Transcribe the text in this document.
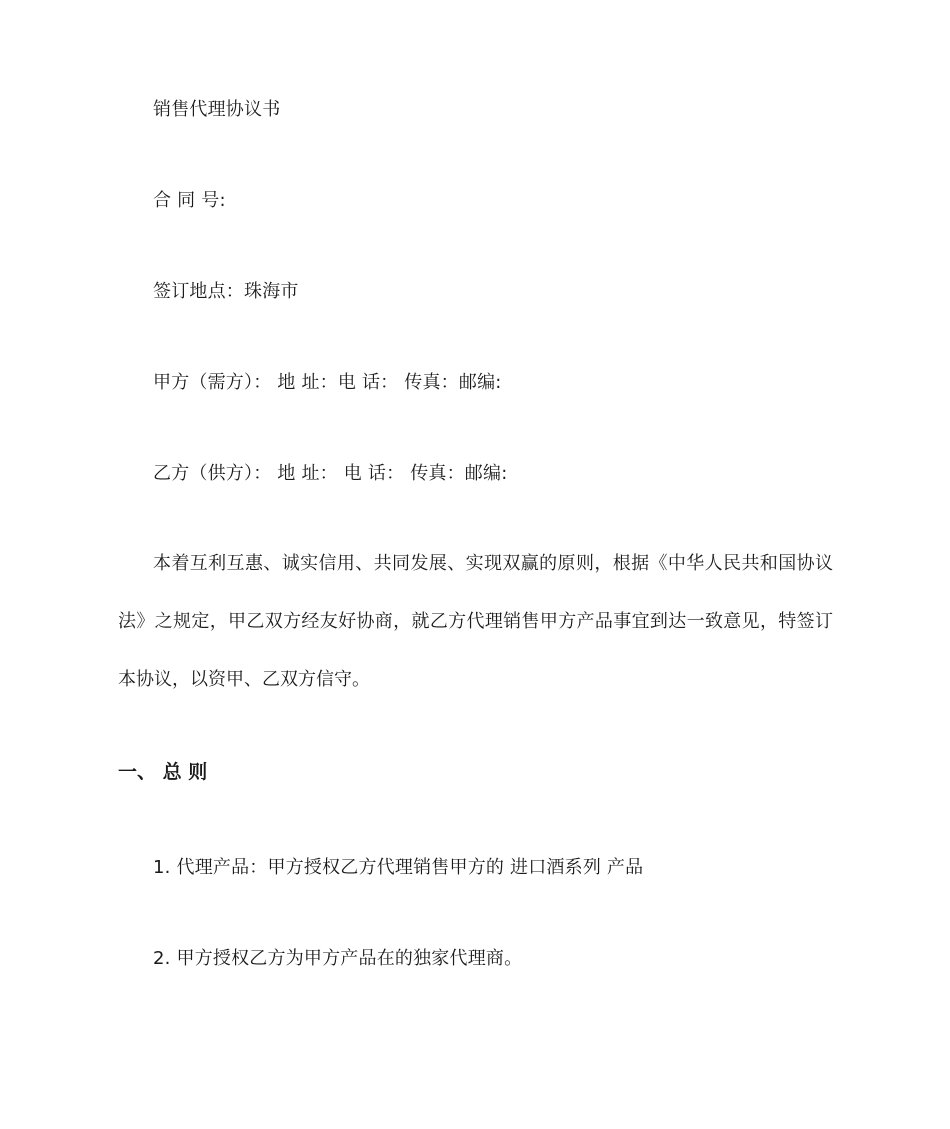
销售代理协议书
合 同 号:
签订地点：珠海市
甲方（需方）： 地 址：电 话： 传真：邮编:
乙方（供方）： 地 址： 电 话： 传真：邮编:
本着互利互惠、诚实信用、共同发展、实现双赢的原则，根据《中华人民共和国协议法》之规定，甲乙双方经友好协商，就乙方代理销售甲方产品事宜到达一致意见，特签订本协议，以资甲、乙双方信守。
一、 总 则
1. 代理产品：甲方授权乙方代理销售甲方的 进口酒系列 产品
2. 甲方授权乙方为甲方产品在的独家代理商。
